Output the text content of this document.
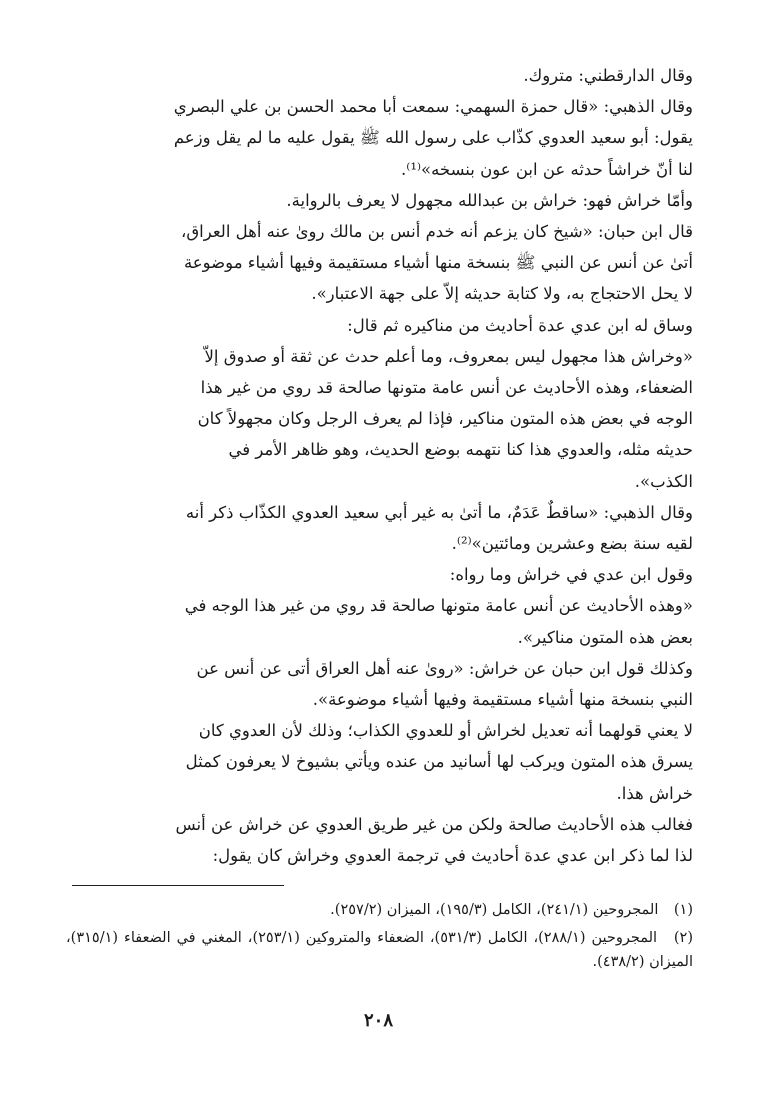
وقال الدارقطني: متروك.

وقال الذهبي: «قال حمزة السهمي: سمعت أبا محمد الحسن بن علي البصري

يقول: أبو سعيد العدوي كذّاب على رسول الله ﷺ يقول عليه ما لم يقل وزعم

لنا أنّ خراشاً حدثه عن ابن عون بنسخه»⁽¹⁾.

وأمّا خراش فهو: خراش بن عبدالله مجهول لا يعرف بالرواية.

قال ابن حبان: «شيخ كان يزعم أنه خدم أنس بن مالك روىٰ عنه أهل العراق،

أتىٰ عن أنس عن النبي ﷺ بنسخة منها أشياء مستقيمة وفيها أشياء موضوعة

لا يحل الاحتجاج به، ولا كتابة حديثه إلاّ على جهة الاعتبار».

وساق له ابن عدي عدة أحاديث من مناكيره ثم قال:

«وخراش هذا مجهول ليس بمعروف، وما أعلم حدث عن ثقة أو صدوق إلاّ

الضعفاء، وهذه الأحاديث عن أنس عامة متونها صالحة قد روي من غير هذا

الوجه في بعض هذه المتون مناكير، فإذا لم يعرف الرجل وكان مجهولاً كان

حديثه مثله، والعدوي هذا كنا نتهمه بوضع الحديث، وهو ظاهر الأمر في

الكذب».

وقال الذهبي: «ساقطٌ عَدَمٌ، ما أتىٰ به غير أبي سعيد العدوي الكذّاب ذكر أنه

لقيه سنة بضع وعشرين ومائتين»⁽²⁾.

وقول ابن عدي في خراش وما رواه:

«وهذه الأحاديث عن أنس عامة متونها صالحة قد روي من غير هذا الوجه في

بعض هذه المتون مناكير».

وكذلك قول ابن حبان عن خراش: «روىٰ عنه أهل العراق أتى عن أنس عن

النبي بنسخة منها أشياء مستقيمة وفيها أشياء موضوعة».

لا يعني قولهما أنه تعديل لخراش أو للعدوي الكذاب؛ وذلك لأن العدوي كان

يسرق هذه المتون ويركب لها أسانيد من عنده ويأتي بشيوخ لا يعرفون كمثل

خراش هذا.

فغالب هذه الأحاديث صالحة ولكن من غير طريق العدوي عن خراش عن أنس

لذا لما ذكر ابن عدي عدة أحاديث في ترجمة العدوي وخراش كان يقول:

(١) المجروحين (٢٤١/١)، الكامل (١٩٥/٣)، الميزان (٢٥٧/٢).

(٢) المجروحين (٢٨٨/١)، الكامل (٥٣١/٣)، الضعفاء والمتروكين (٢٥٣/١)، المغني في الضعفاء (٣١٥/١)، الميزان (٤٣٨/٢).

٢٠٨
